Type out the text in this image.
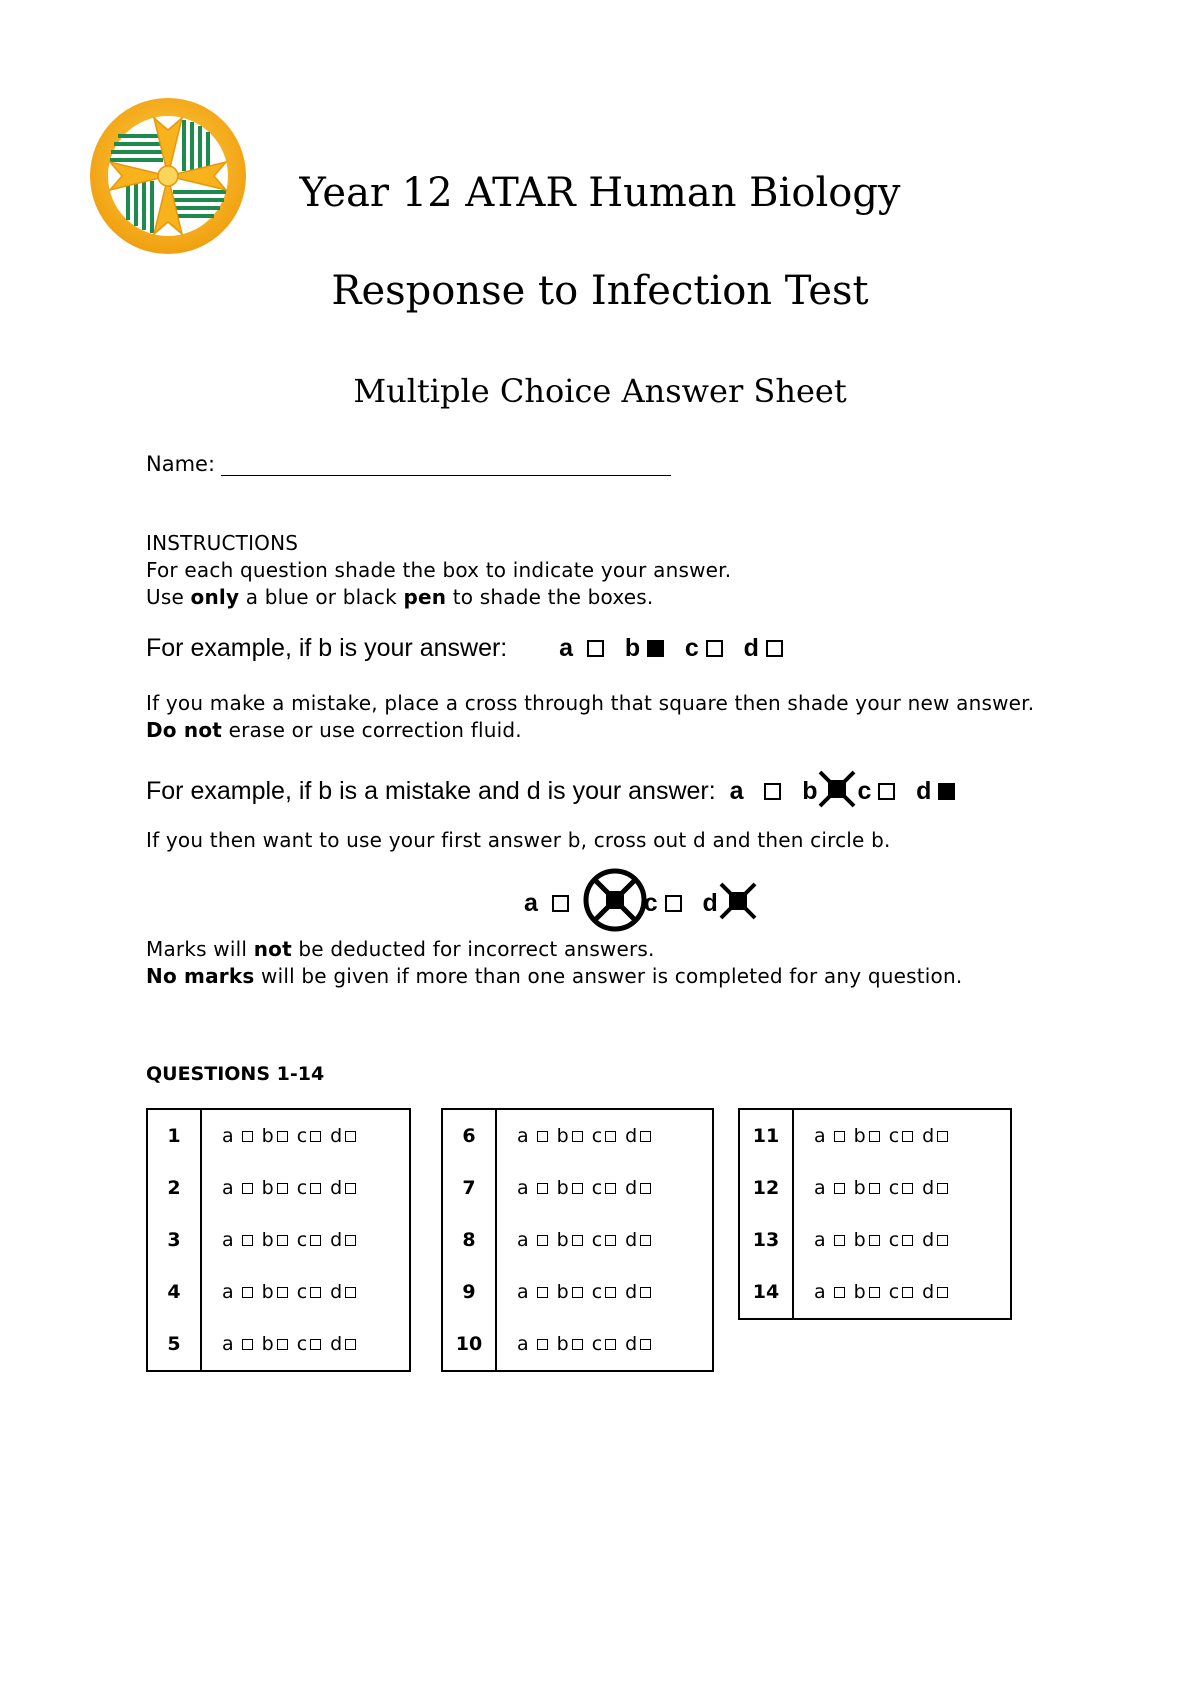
Year 12 ATAR Human Biology
Response to Infection Test
Multiple Choice Answer Sheet
Name:
INSTRUCTIONS
For each question shade the box to indicate your answer.
Use only a blue or black pen to shade the boxes.
For example, if b is your answer: a b c d
If you make a mistake, place a cross through that square then shade your new answer.
Do not erase or use correction fluid.
For example, if b is a mistake and d is your answer: a b c d
If you then want to use your first answer b, cross out d and then circle b.
a	c d
Marks will not be deducted for incorrect answers.
No marks will be given if more than one answer is completed for any question.
QUESTIONS 1-14
1	a b c d
2	a b c d
3	a b c d
4	a b c d
5	a b c d
6	a b c d
7	a b c d
8	a b c d
9	a b c d
10	a b c d
11	a b c d
12	a b c d
13	a b c d
14	a b c d
